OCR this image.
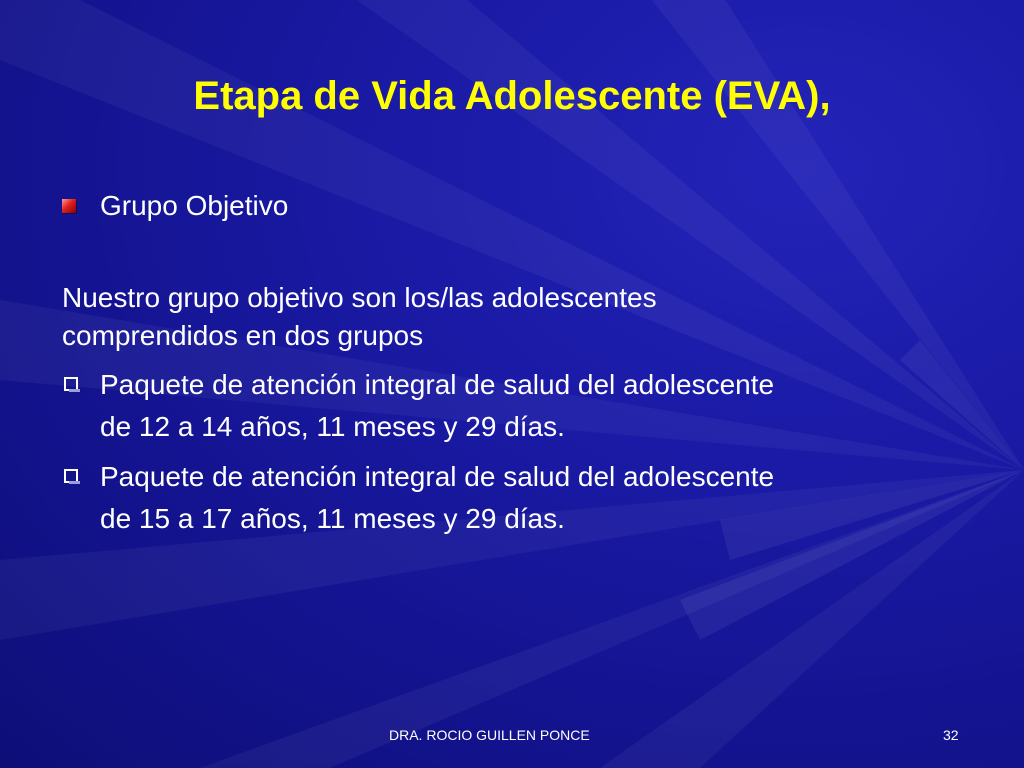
Etapa de Vida Adolescente (EVA),
Grupo Objetivo
Nuestro grupo objetivo son los/las adolescentes
comprendidos en dos grupos
Paquete de atención integral de salud del adolescente
de 12 a 14 años, 11 meses y 29 días.
Paquete de atención integral de salud del adolescente
de 15 a 17 años, 11 meses y 29 días.
DRA. ROCIO GUILLEN PONCE	32
